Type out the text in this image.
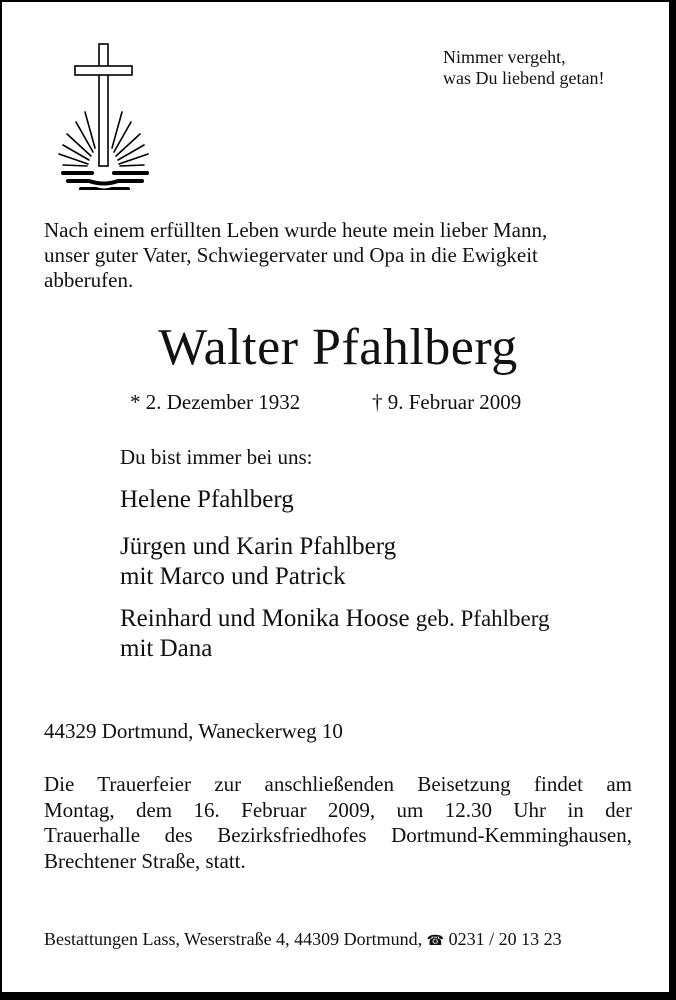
Nimmer vergeht,
was Du liebend getan!
Nach einem erfüllten Leben wurde heute mein lieber Mann,
unser guter Vater, Schwiegervater und Opa in die Ewigkeit
abberufen.
Walter Pfahlberg
* 2. Dezember 1932	† 9. Februar 2009
Du bist immer bei uns:
Helene Pfahlberg
Jürgen und Karin Pfahlberg
mit Marco und Patrick
Reinhard und Monika Hoose geb. Pfahlberg
mit Dana
44329 Dortmund, Waneckerweg 10
Die Trauerfeier zur anschließenden Beisetzung findet am
Montag, dem 16. Februar 2009, um 12.30 Uhr in der
Trauerhalle des Bezirksfriedhofes Dortmund-Kemminghausen,
Brechtener Straße, statt.
Bestattungen Lass, Weserstraße 4, 44309 Dortmund, ☎ 0231 / 20 13 23
